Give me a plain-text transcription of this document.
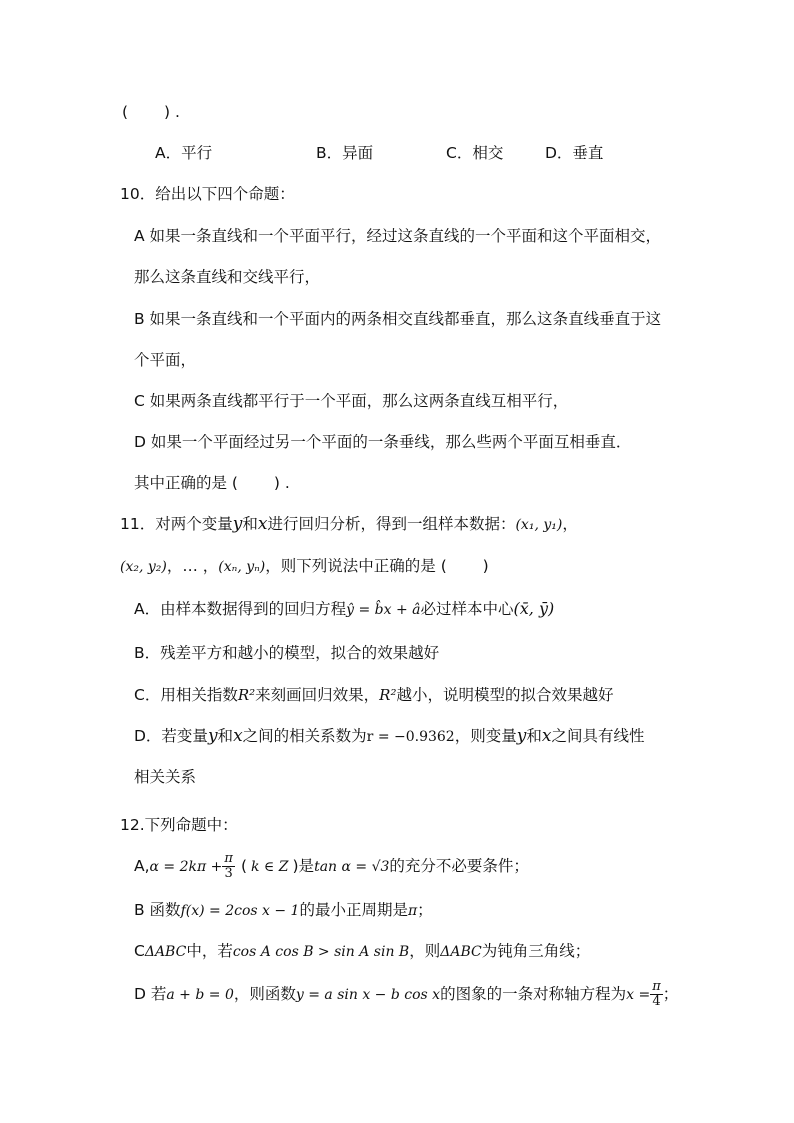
(　　 ) .
A．平行	B．异面	C．相交	D．垂直
10．给出以下四个命题：
A 如果一条直线和一个平面平行，经过这条直线的一个平面和这个平面相交，
那么这条直线和交线平行，
B 如果一条直线和一个平面内的两条相交直线都垂直，那么这条直线垂直于这
个平面，
C 如果两条直线都平行于一个平面，那么这两条直线互相平行，
D 如果一个平面经过另一个平面的一条垂线，那么些两个平面互相垂直．
其中正确的是 (　　 ) .
11．对两个变量y和x进行回归分析，得到一组样本数据：(x₁, y₁)，
(x₂, y₂)，… ，(xₙ, yₙ)，则下列说法中正确的是 (　　 )
A．由样本数据得到的回归方程ŷ = b̂x + â必过样本中心(x̄, ȳ)
B．残差平方和越小的模型，拟合的效果越好
C．用相关指数R²来刻画回归效果，R²越小，说明模型的拟合效果越好
D．若变量y和x之间的相关系数为r = −0.9362，则变量y和x之间具有线性
相关关系
12.下列命题中：
$A,\alpha = 2k\pi + \frac{\pi}{3}$ ( k ∈ Z )是tan α = √3的充分不必要条件；
B 函数f(x) = 2cos x − 1的最小正周期是π；
CΔABC中，若cos A cos B > sin A sin B，则ΔABC为钝角三角线；
D 若a + b = 0，则函数y = a sin x − b cos x的图象的一条对称轴方程为$x = \frac{\pi}{4}$ ；
